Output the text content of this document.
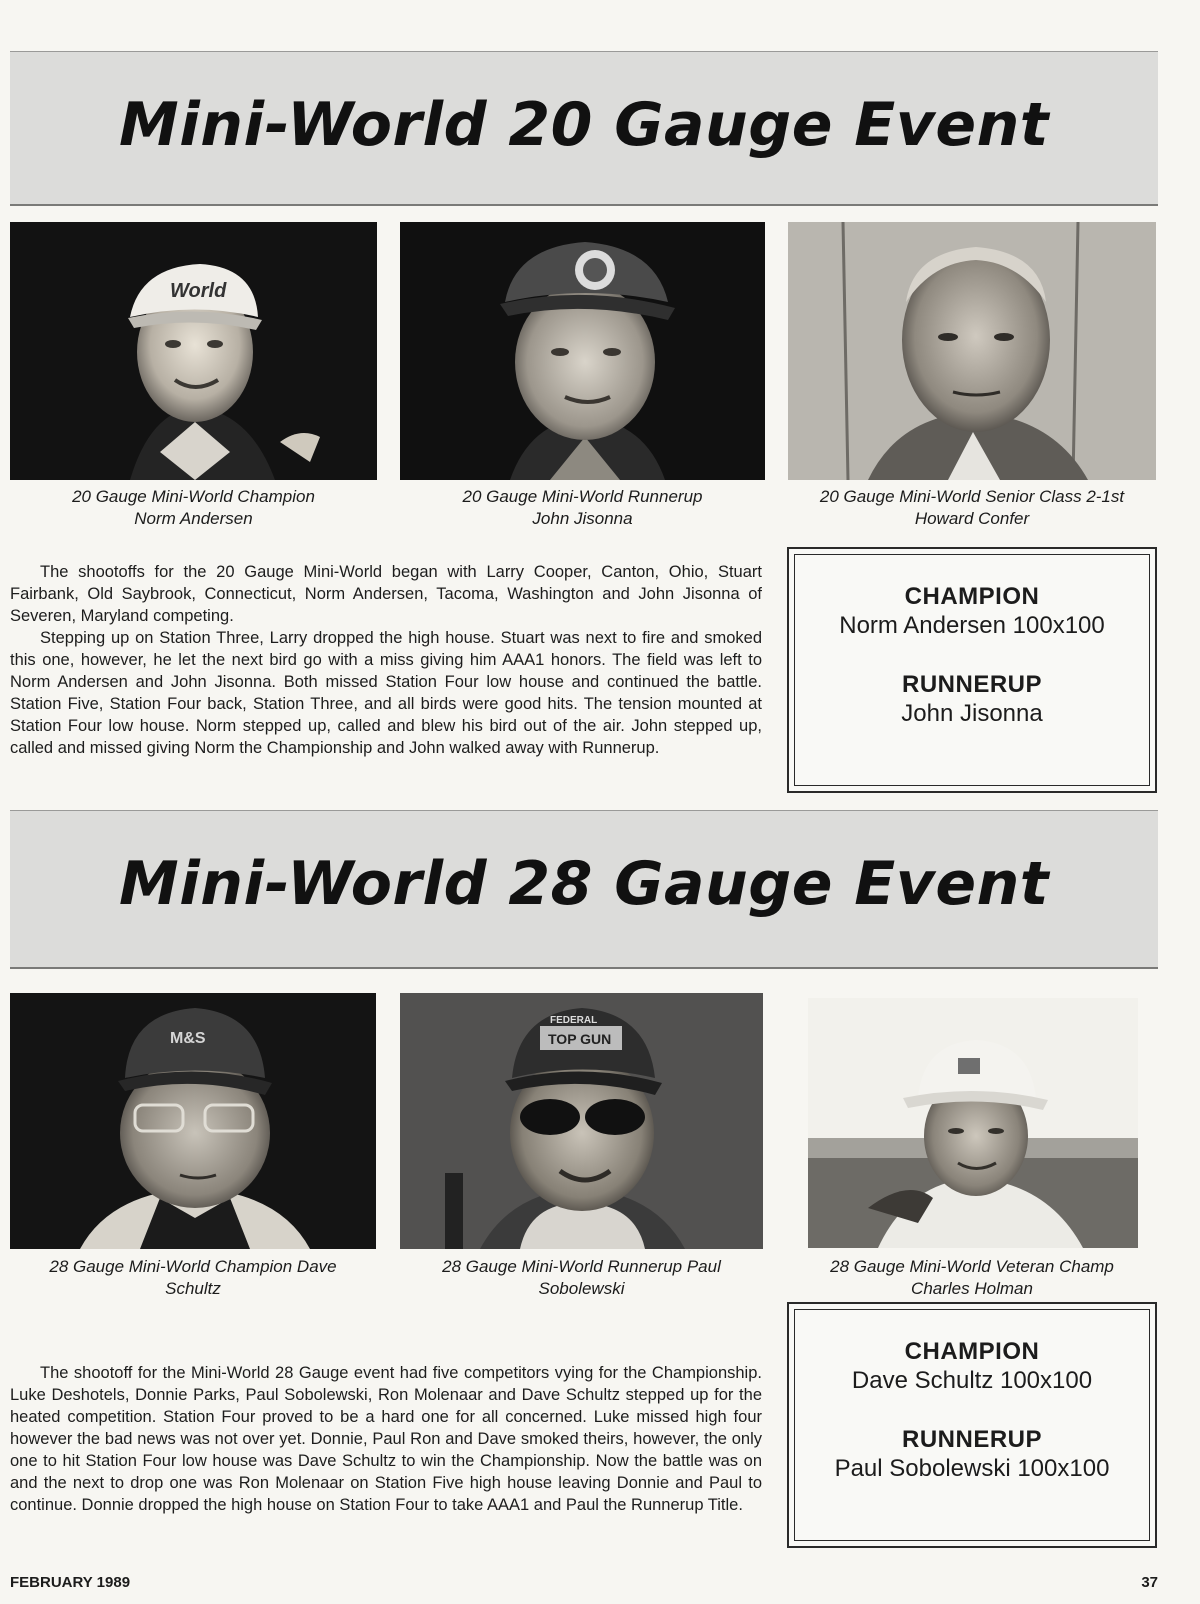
Mini-World 20 Gauge Event
World
20 Gauge Mini-World Champion
Norm Andersen
20 Gauge Mini-World Runnerup
John Jisonna
20 Gauge Mini-World Senior Class 2-1st
Howard Confer

The shootoffs for the 20 Gauge Mini-World began with Larry Cooper, Canton, Ohio, Stuart Fairbank, Old Saybrook, Connecticut, Norm Andersen, Tacoma, Washington and John Jisonna of Severen, Maryland competing.

Stepping up on Station Three, Larry dropped the high house. Stuart was next to fire and smoked this one, however, he let the next bird go with a miss giving him AAA1 honors. The field was left to Norm Andersen and John Jisonna. Both missed Station Four low house and continued the battle. Station Five, Station Four back, Station Three, and all birds were good hits. The tension mounted at Station Four low house. Norm stepped up, called and blew his bird out of the air. John stepped up, called and missed giving Norm the Championship and John walked away with Runnerup.

CHAMPION
Norm Andersen 100x100
RUNNERUP
John Jisonna
Mini-World 28 Gauge Event
M&S
28 Gauge Mini-World Champion Dave
Schultz
FEDERAL
TOP GUN
28 Gauge Mini-World Runnerup Paul
Sobolewski
28 Gauge Mini-World Veteran Champ
Charles Holman

The shootoff for the Mini-World 28 Gauge event had five competitors vying for the Championship. Luke Deshotels, Donnie Parks, Paul Sobolewski, Ron Molenaar and Dave Schultz stepped up for the heated competition. Station Four proved to be a hard one for all concerned. Luke missed high four however the bad news was not over yet. Donnie, Paul Ron and Dave smoked theirs, however, the only one to hit Station Four low house was Dave Schultz to win the Championship. Now the battle was on and the next to drop one was Ron Molenaar on Station Five high house leaving Donnie and Paul to continue. Donnie dropped the high house on Station Four to take AAA1 and Paul the Runnerup Title.

CHAMPION
Dave Schultz 100x100
RUNNERUP
Paul Sobolewski 100x100
FEBRUARY 1989	37
